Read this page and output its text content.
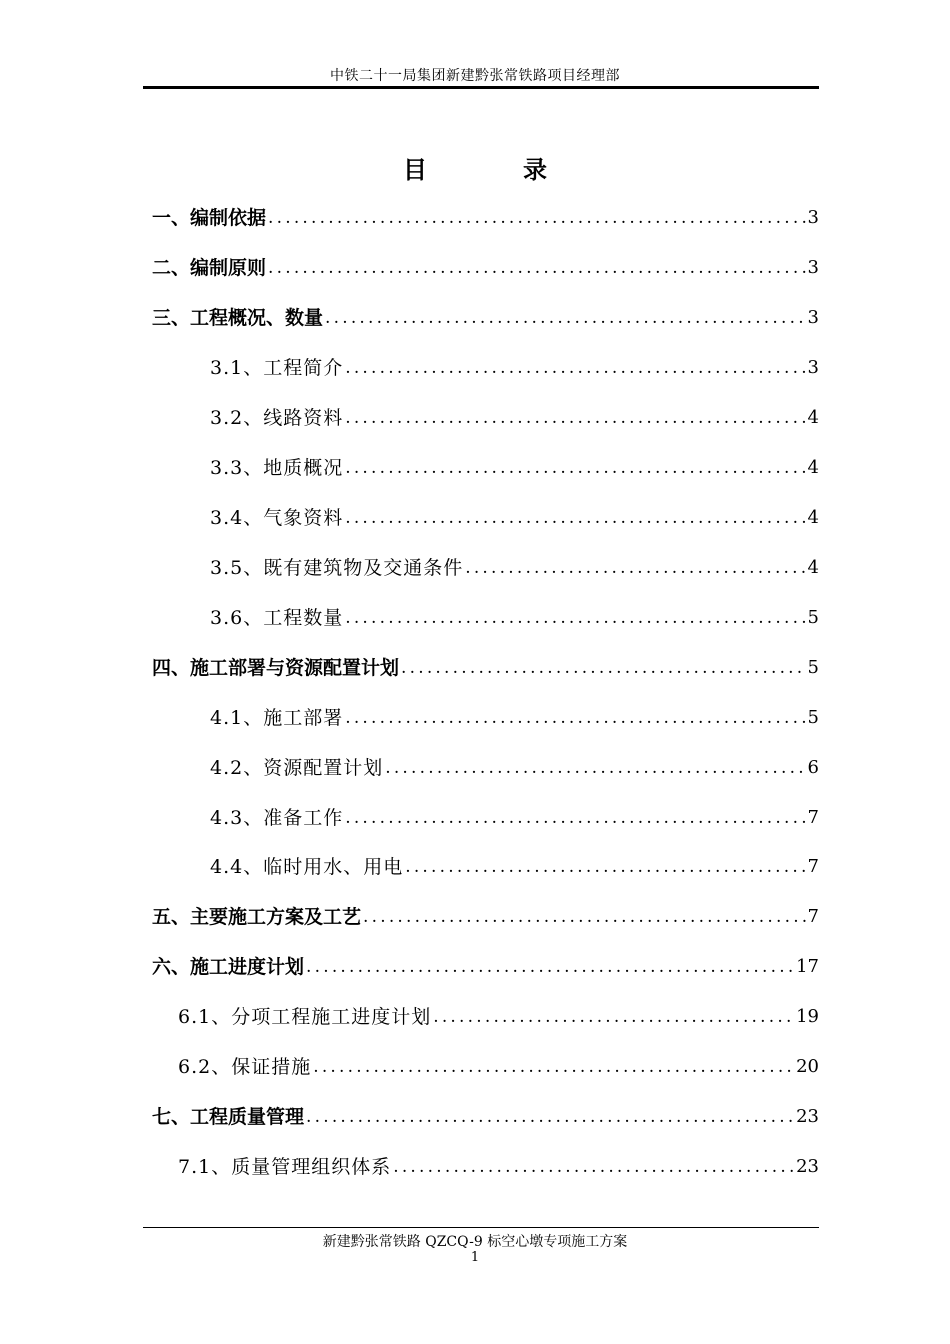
中铁二十一局集团新建黔张常铁路项目经理部
目　录
一、编制依据 .....	3
二、编制原则 .....	3
三、工程概况、数量 .....	3
3.1、工程简介 .....	3
3.2、线路资料 .....	4
3.3、地质概况 .....	4
3.4、气象资料 .....	4
3.5、既有建筑物及交通条件 .....	4
3.6、工程数量 .....	5
四、施工部署与资源配置计划 .....	5
4.1、施工部署 .....	5
4.2、资源配置计划 .....	6
4.3、准备工作 .....	7
4.4、临时用水、用电 .....	7
五、主要施工方案及工艺 .....	7
六、施工进度计划 .....	17
6.1、分项工程施工进度计划 .....	19
6.2、保证措施 .....	20
七、工程质量管理 .....	23
7.1、质量管理组织体系 .....	23
新建黔张常铁路 QZCQ-9 标空心墩专项施工方案
1
